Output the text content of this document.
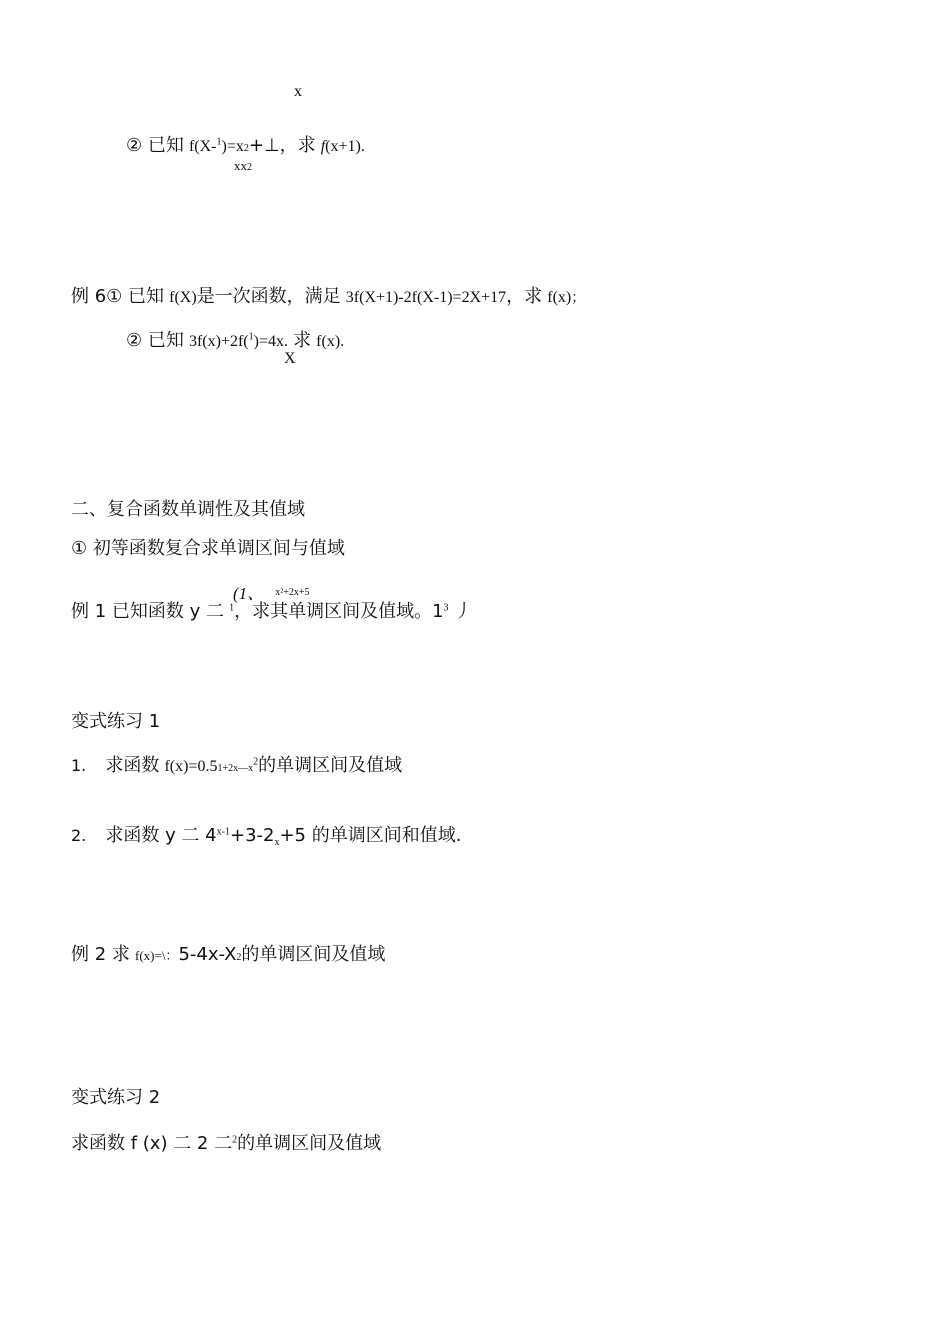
x
② 已知 f(X-$^1$)=x2+⊥，求 f(x+1).
xx2
例 6① 已知 f(X)是一次函数，满足 3f(X+1)-2f(X-1)=2X+17，求 f(x)；
② 已知 3f(x)+2f($^1$)=4x. 求 f(x).
X
二、复合函数单调性及其值域
① 初等函数复合求单调区间与值域
(1、 $^{x^2+2x+5}$
例 1 已知函数 y 二 $^1$，求其单调区间及值域。$1^3$ 丿
变式练习 1
1. 求函数 $f(x)=0.51+2x—x^2$的单调区间及值域
2. 求函数 y 二 $4^{x-1}+3-2_x+5$ 的单调区间和值域.
例 2 求 f(x)=\：5-4x-X2的单调区间及值域
变式练习 2
求函数 f (x) 二 2 二$^2$的单调区间及值域
